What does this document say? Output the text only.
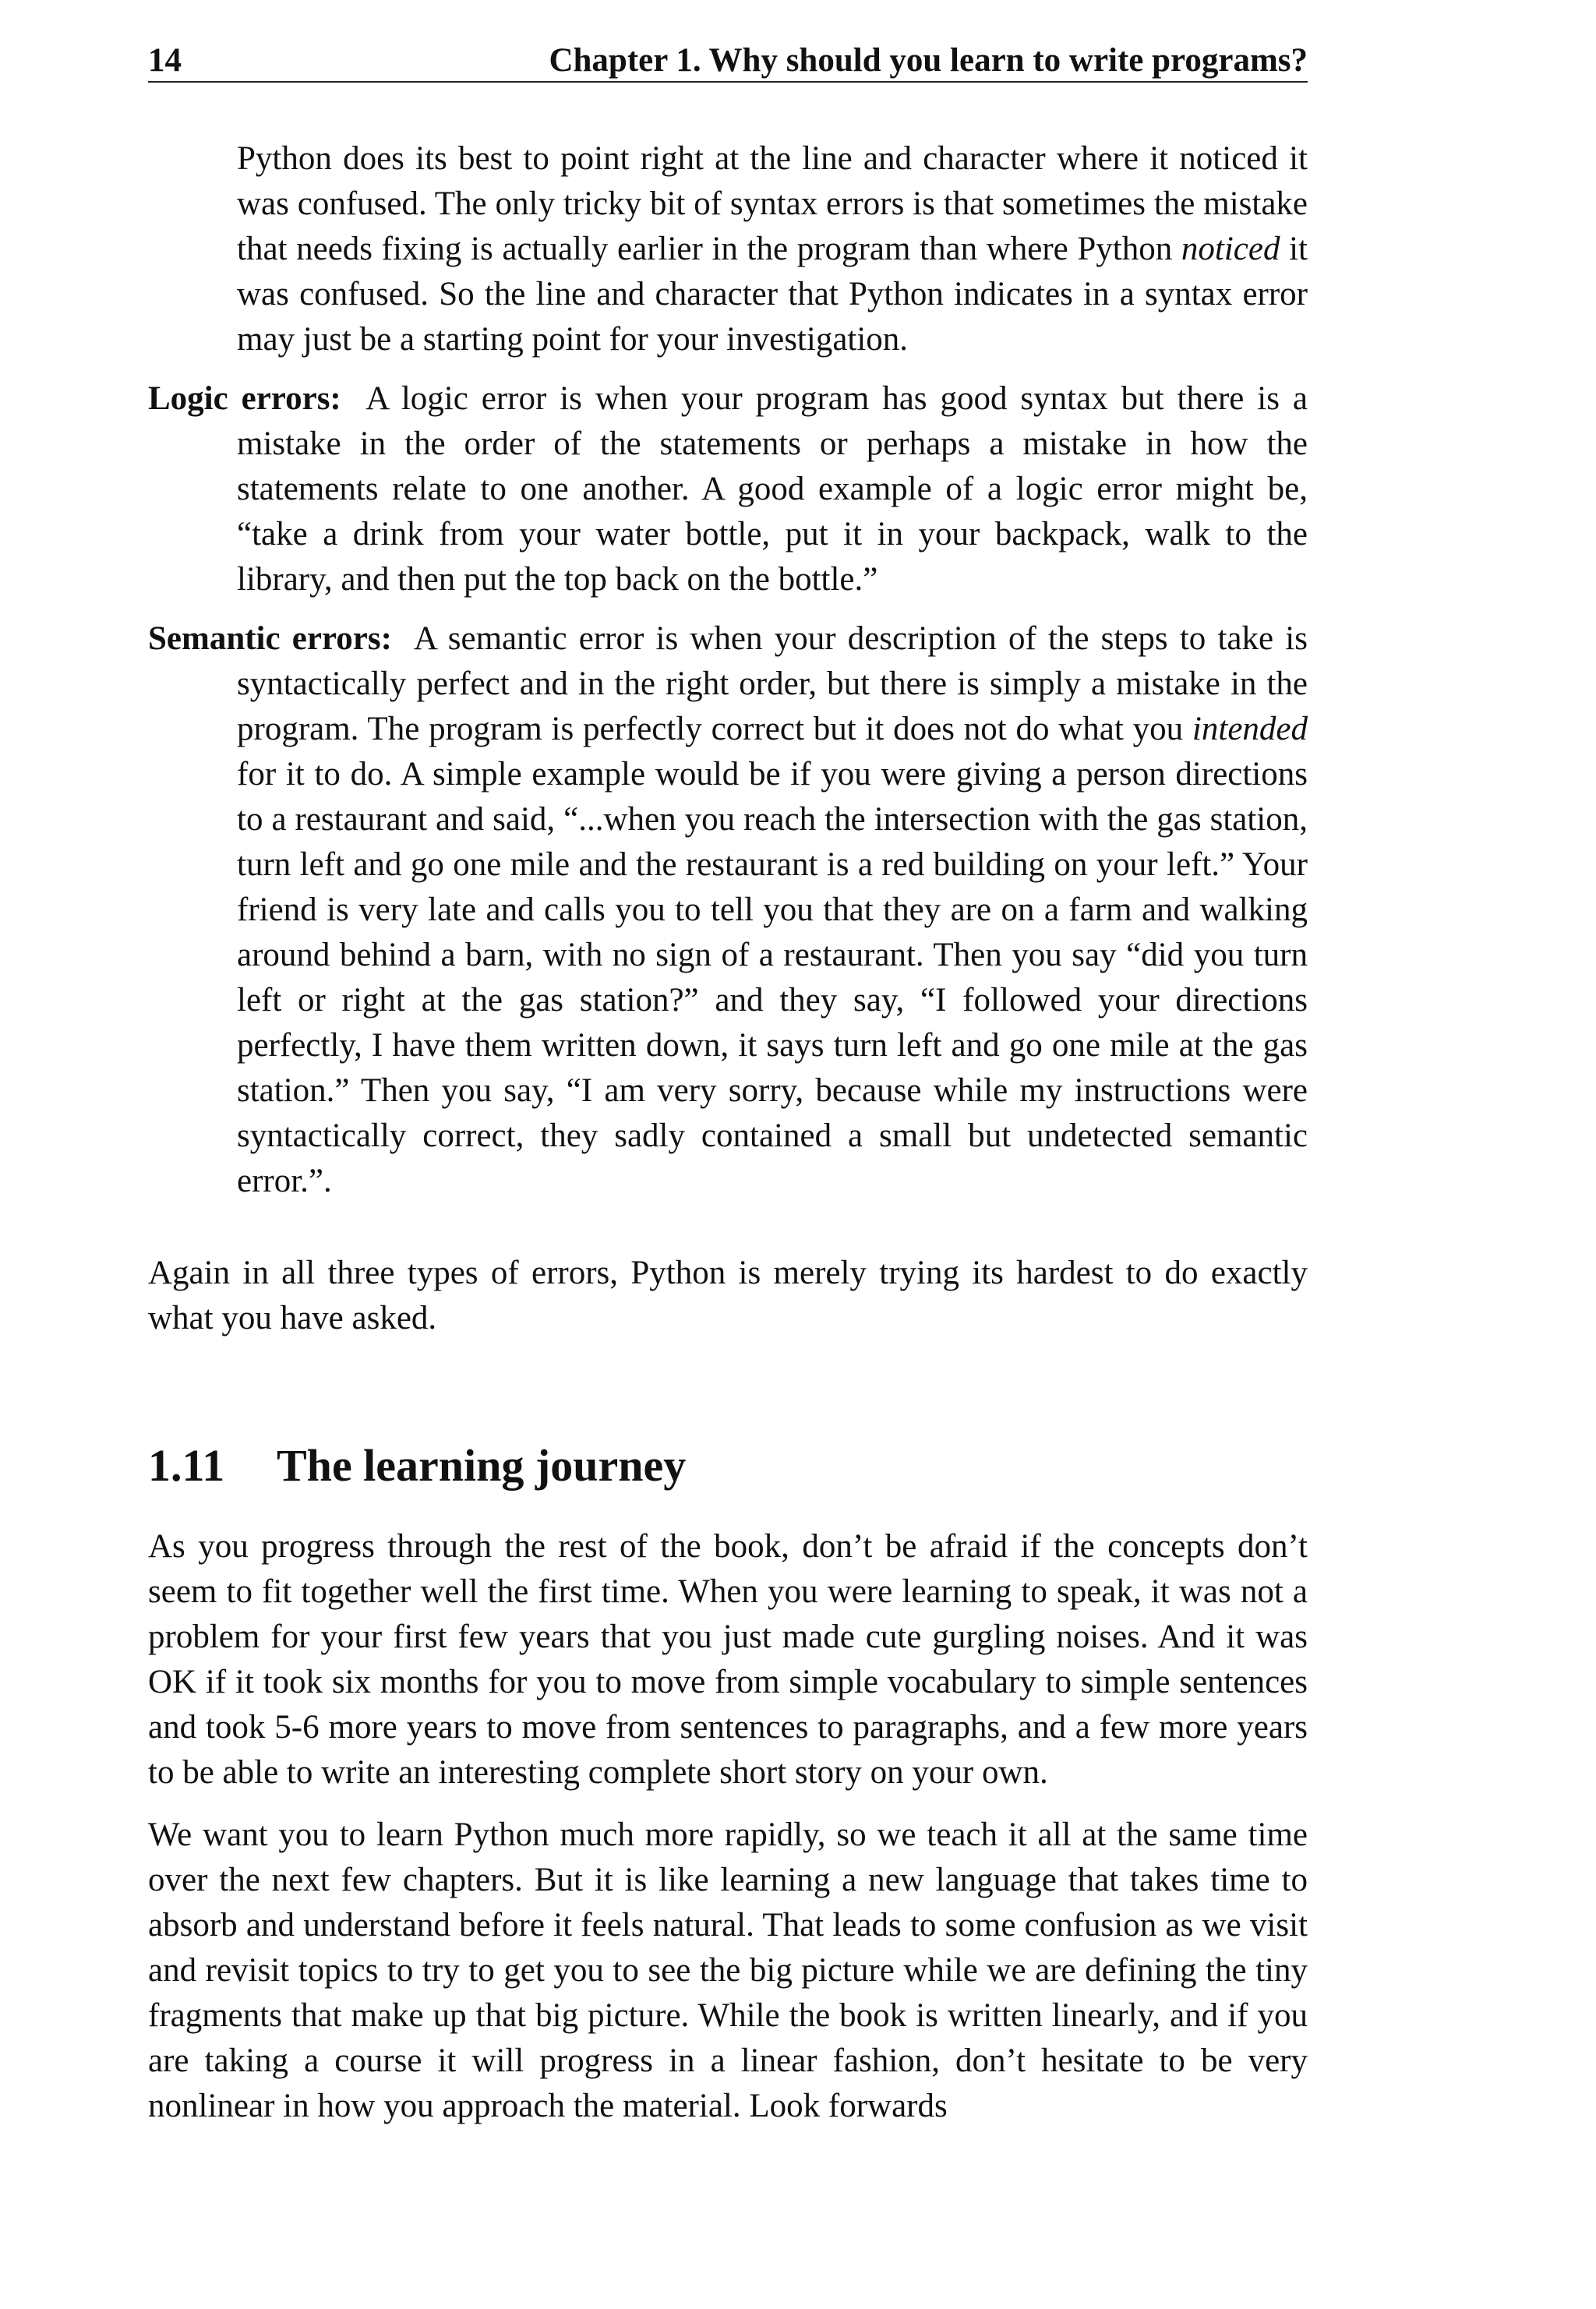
14	Chapter 1. Why should you learn to write programs?

Python does its best to point right at the line and character where it noticed it was confused. The only tricky bit of syntax errors is that sometimes the mistake that needs fixing is actually earlier in the program than where Python noticed it was confused. So the line and character that Python indicates in a syntax error may just be a starting point for your investigation.

Logic errors: A logic error is when your program has good syntax but there is a mistake in the order of the statements or perhaps a mistake in how the statements relate to one another. A good example of a logic error might be, “take a drink from your water bottle, put it in your backpack, walk to the library, and then put the top back on the bottle.”

Semantic errors: A semantic error is when your description of the steps to take is syntactically perfect and in the right order, but there is simply a mistake in the program. The program is perfectly correct but it does not do what you intended for it to do. A simple example would be if you were giving a person directions to a restaurant and said, “...when you reach the intersection with the gas station, turn left and go one mile and the restaurant is a red building on your left.” Your friend is very late and calls you to tell you that they are on a farm and walking around behind a barn, with no sign of a restaurant. Then you say “did you turn left or right at the gas station?” and they say, “I followed your directions perfectly, I have them written down, it says turn left and go one mile at the gas station.” Then you say, “I am very sorry, because while my instructions were syntactically correct, they sadly contained a small but undetected semantic error.”.

Again in all three types of errors, Python is merely trying its hardest to do exactly what you have asked.

1.11 The learning journey

As you progress through the rest of the book, don’t be afraid if the concepts don’t seem to fit together well the first time. When you were learning to speak, it was not a problem for your first few years that you just made cute gurgling noises. And it was OK if it took six months for you to move from simple vocabulary to simple sentences and took 5-6 more years to move from sentences to paragraphs, and a few more years to be able to write an interesting complete short story on your own.

We want you to learn Python much more rapidly, so we teach it all at the same time over the next few chapters. But it is like learning a new language that takes time to absorb and understand before it feels natural. That leads to some confusion as we visit and revisit topics to try to get you to see the big picture while we are defining the tiny fragments that make up that big picture. While the book is written linearly, and if you are taking a course it will progress in a linear fashion, don’t hesitate to be very nonlinear in how you approach the material. Look forwards
